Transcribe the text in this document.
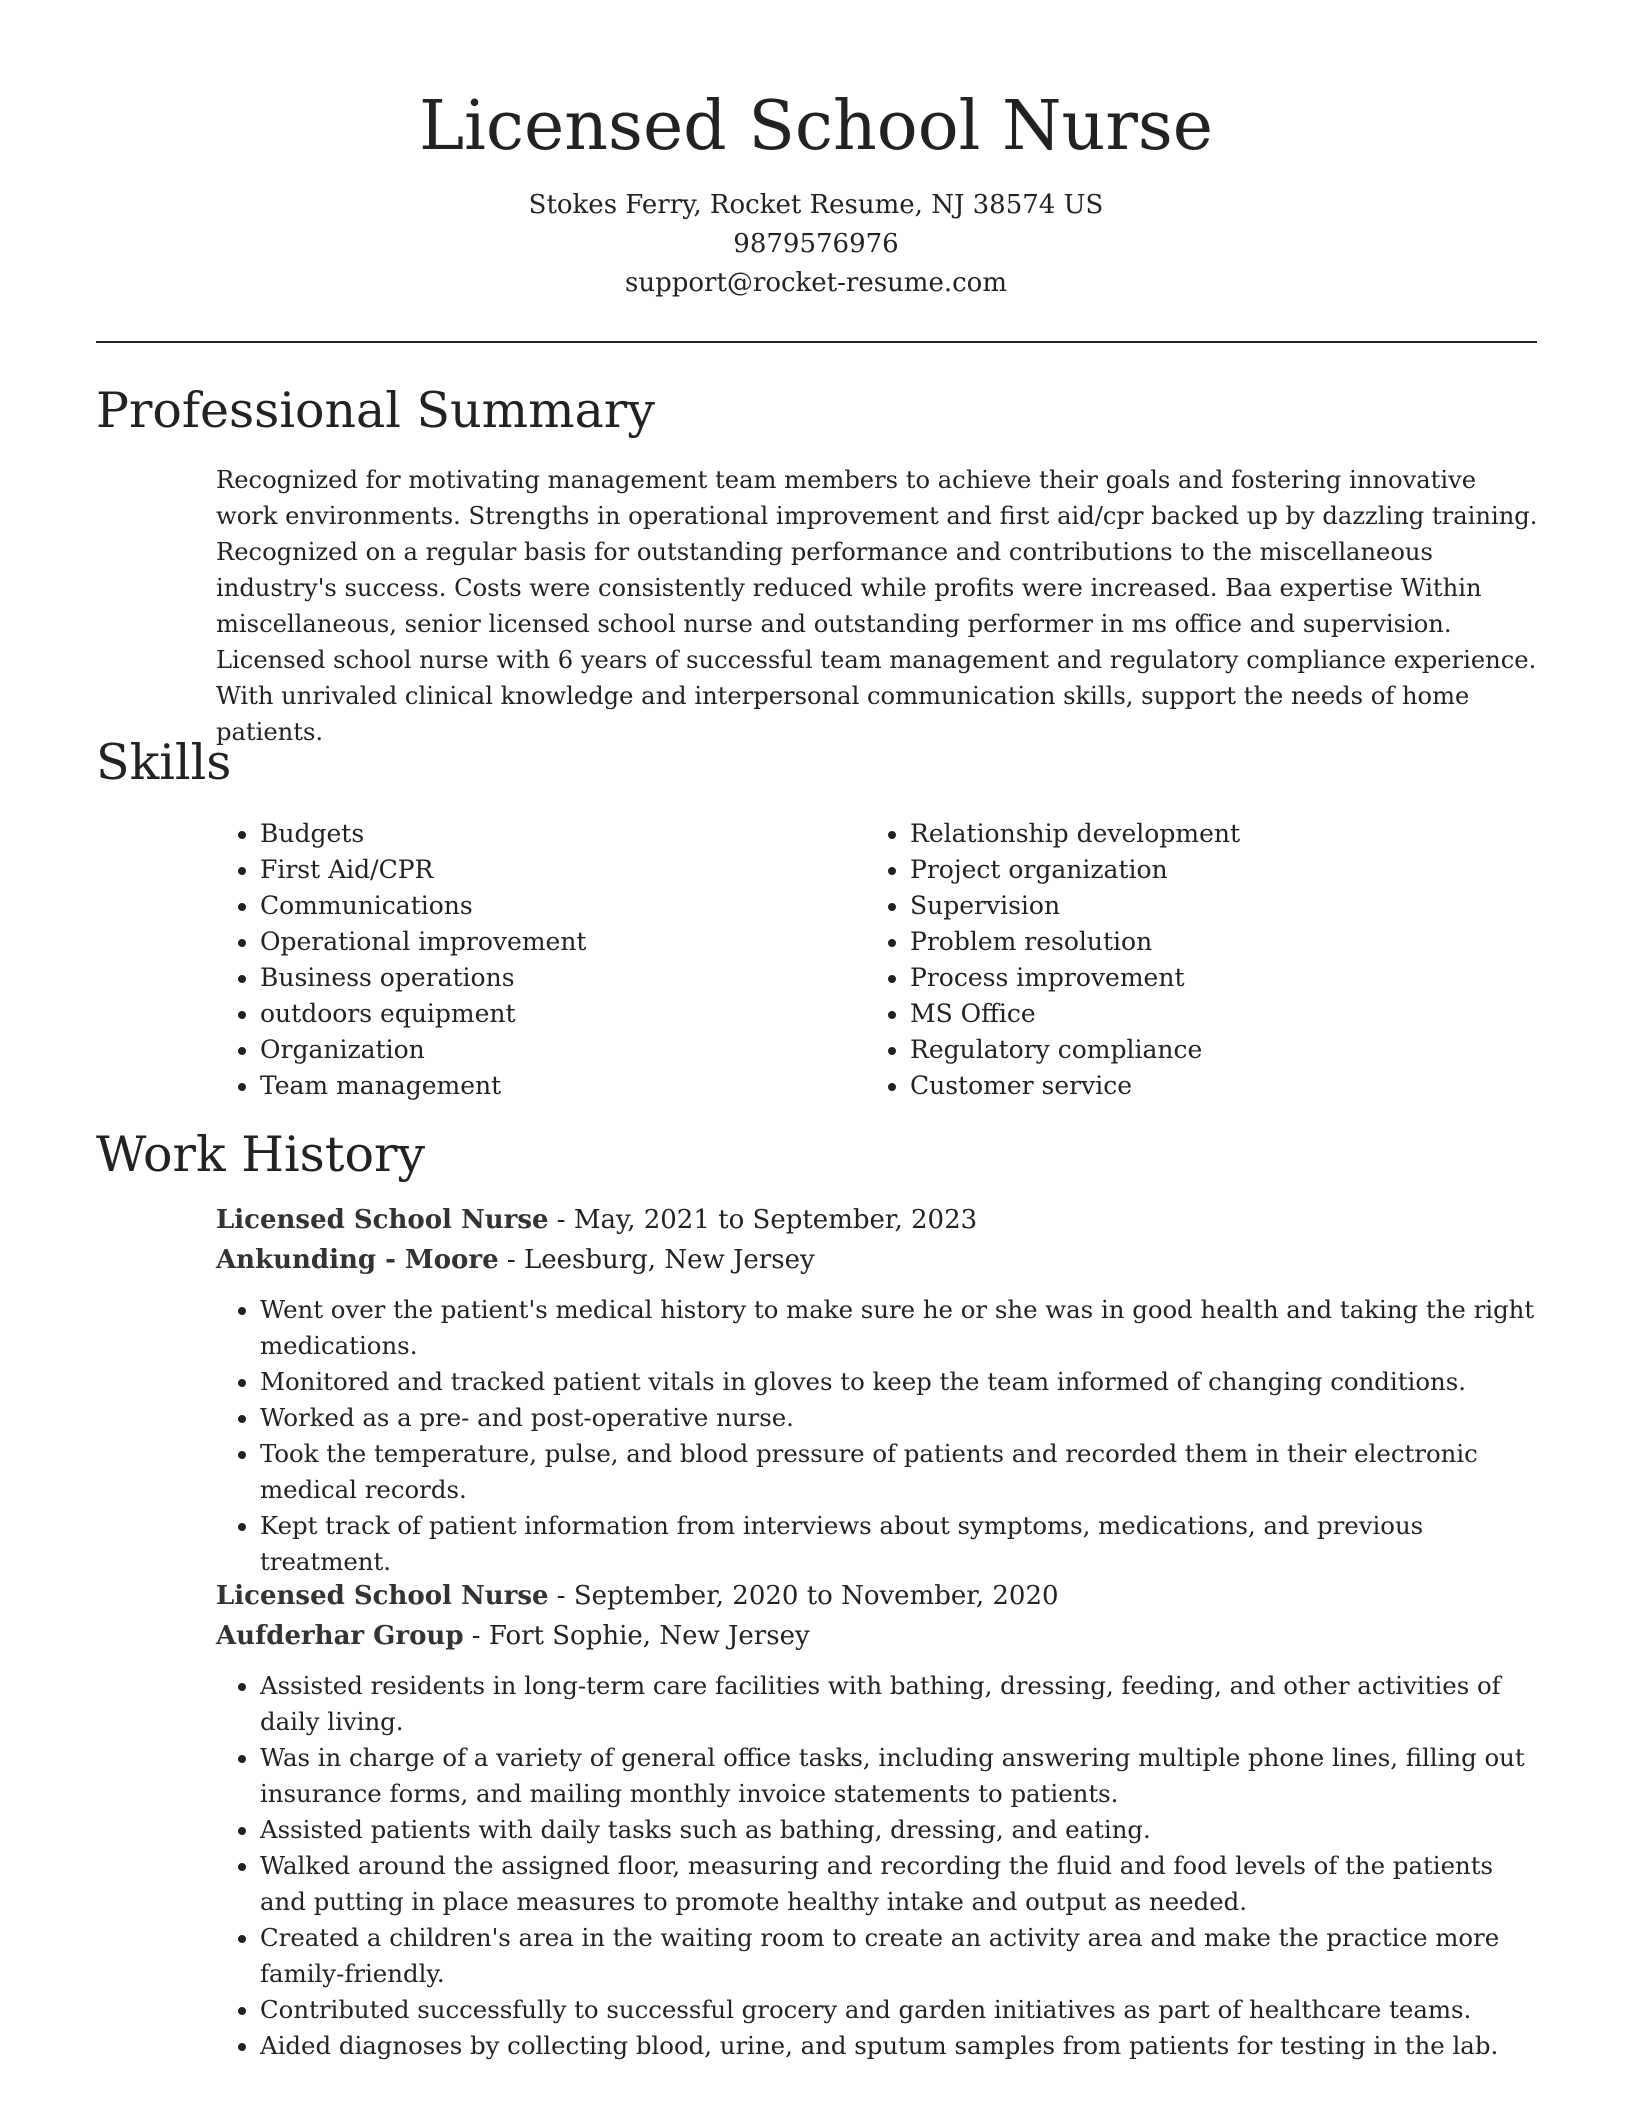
Licensed School Nurse
Stokes Ferry, Rocket Resume, NJ 38574 US
9879576976
support@rocket-resume.com
Professional Summary

Recognized for motivating management team members to achieve their goals and fostering innovative work environments. Strengths in operational improvement and first aid/cpr backed up by dazzling training. Recognized on a regular basis for outstanding performance and contributions to the miscellaneous industry's success. Costs were consistently reduced while profits were increased. Baa expertise Within miscellaneous, senior licensed school nurse and outstanding performer in ms office and supervision. Licensed school nurse with 6 years of successful team management and regulatory compliance experience. With unrivaled clinical knowledge and interpersonal communication skills, support the needs of home patients.

Skills
• Budgets
• First Aid/CPR
• Communications
• Operational improvement
• Business operations
• outdoors equipment
• Organization
• Team management
• Relationship development
• Project organization
• Supervision
• Problem resolution
• Process improvement
• MS Office
• Regulatory compliance
• Customer service
Work History
Licensed School Nurse - May, 2021 to September, 2023
Ankunding - Moore - Leesburg, New Jersey
• Went over the patient's medical history to make sure he or she was in good health and taking the right medications.
• Monitored and tracked patient vitals in gloves to keep the team informed of changing conditions.
• Worked as a pre- and post-operative nurse.
• Took the temperature, pulse, and blood pressure of patients and recorded them in their electronic medical records.
• Kept track of patient information from interviews about symptoms, medications, and previous treatment.
Licensed School Nurse - September, 2020 to November, 2020
Aufderhar Group - Fort Sophie, New Jersey
• Assisted residents in long-term care facilities with bathing, dressing, feeding, and other activities of daily living.
• Was in charge of a variety of general office tasks, including answering multiple phone lines, filling out insurance forms, and mailing monthly invoice statements to patients.
• Assisted patients with daily tasks such as bathing, dressing, and eating.
• Walked around the assigned floor, measuring and recording the fluid and food levels of the patients and putting in place measures to promote healthy intake and output as needed.
• Created a children's area in the waiting room to create an activity area and make the practice more family-friendly.
• Contributed successfully to successful grocery and garden initiatives as part of healthcare teams.
• Aided diagnoses by collecting blood, urine, and sputum samples from patients for testing in the lab.
